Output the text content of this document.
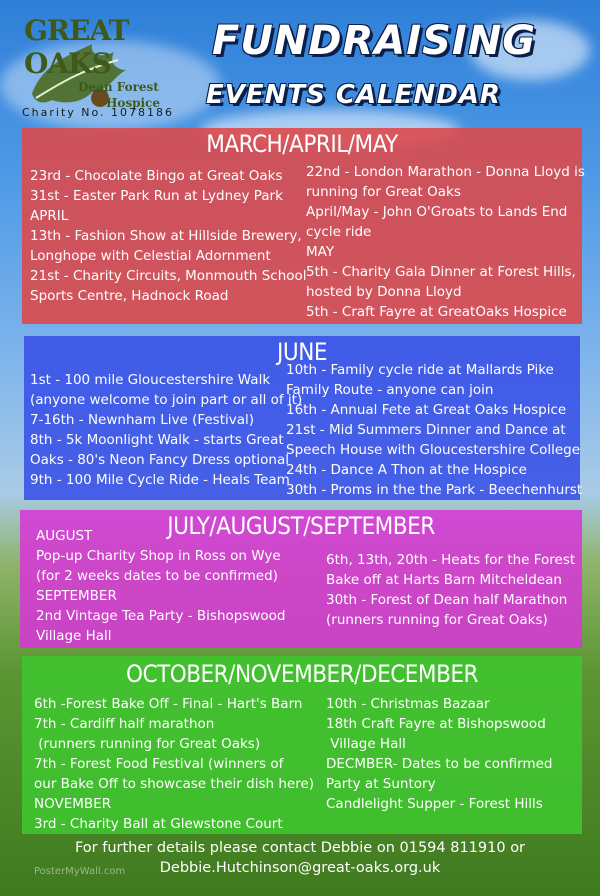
GREAT OAKS
Dean Forest
Hospice
Charity No. 1078186
FUNDRAISING
EVENTS CALENDAR
MARCH/APRIL/MAY
23rd - Chocolate Bingo at Great Oaks
31st - Easter Park Run at Lydney Park
APRIL
13th - Fashion Show at Hillside Brewery,
Longhope with Celestial Adornment
21st - Charity Circuits, Monmouth School
Sports Centre, Hadnock Road
22nd - London Marathon - Donna Lloyd is
running for Great Oaks
April/May - John O'Groats to Lands End
cycle ride
MAY
5th - Charity Gala Dinner at Forest Hills,
hosted by Donna Lloyd
5th - Craft Fayre at GreatOaks Hospice
JUNE
1st - 100 mile Gloucestershire Walk
(anyone welcome to join part or all of it)
7-16th - Newnham Live (Festival)
8th - 5k Moonlight Walk - starts Great
Oaks - 80's Neon Fancy Dress optional
9th - 100 Mile Cycle Ride - Heals Team
10th - Family cycle ride at Mallards Pike
Family Route - anyone can join
16th - Annual Fete at Great Oaks Hospice
21st - Mid Summers Dinner and Dance at
Speech House with Gloucestershire College
24th - Dance A Thon at the Hospice
30th - Proms in the the Park - Beechenhurst
JULY/AUGUST/SEPTEMBER
AUGUST
Pop-up Charity Shop in Ross on Wye
(for 2 weeks dates to be confirmed)
SEPTEMBER
2nd Vintage Tea Party - Bishopswood
Village Hall
6th, 13th, 20th - Heats for the Forest
Bake off at Harts Barn Mitcheldean
30th - Forest of Dean half Marathon
(runners running for Great Oaks)
OCTOBER/NOVEMBER/DECEMBER
6th -Forest Bake Off - Final - Hart's Barn
7th - Cardiff half marathon
(runners running for Great Oaks)
7th - Forest Food Festival (winners of
our Bake Off to showcase their dish here)
NOVEMBER
3rd - Charity Ball at Glewstone Court
10th - Christmas Bazaar
18th Craft Fayre at Bishopswood
Village Hall
DECMBER- Dates to be confirmed
Party at Suntory
Candlelight Supper - Forest Hills
For further details please contact Debbie on 01594 811910 or
Debbie.Hutchinson@great-oaks.org.uk
PosterMyWall.com
